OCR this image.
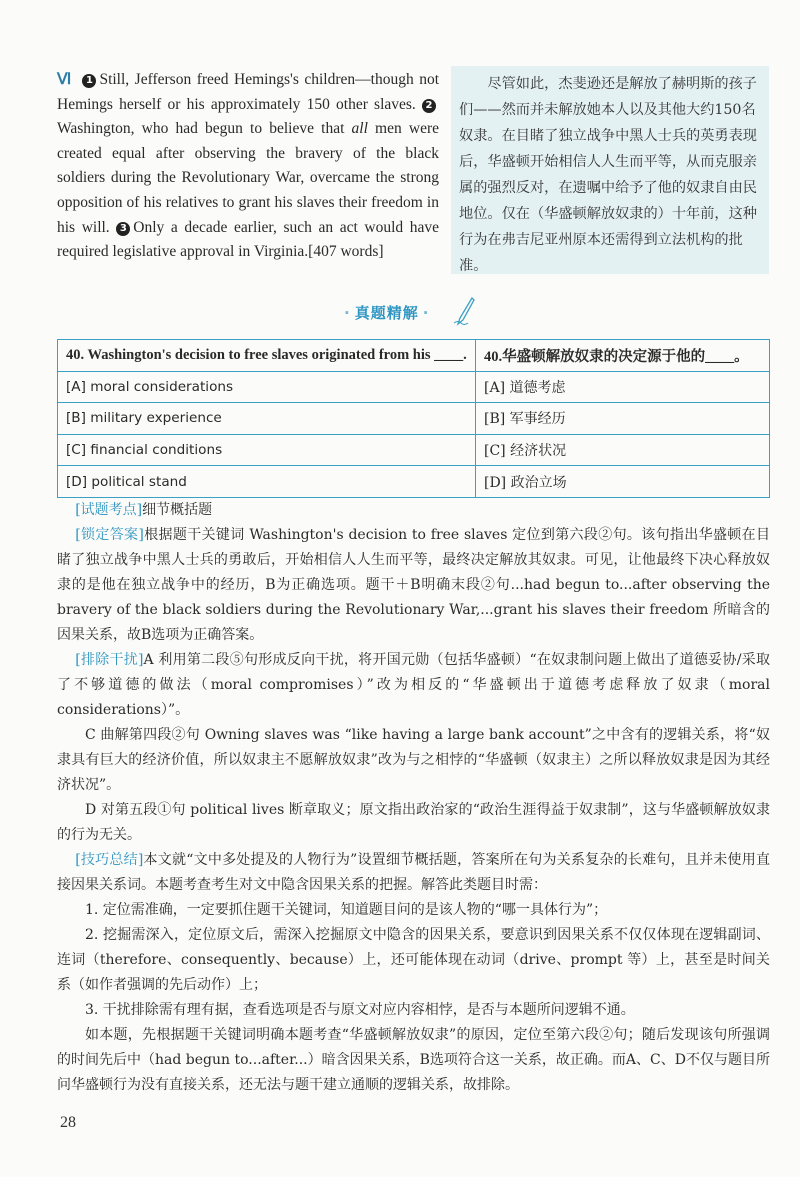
Ⅵ 1 Still, Jefferson freed Hemings's children—though not Hemings herself or his approximately 150 other slaves. 2Washington, who had begun to believe that all men were created equal after observing the bravery of the black soldiers during the Revolutionary War, overcame the strong opposition of his relatives to grant his slaves their freedom in his will. 3 Only a decade earlier, such an act would have required legislative approval in Virginia.[407 words]

尽管如此，杰斐逊还是解放了赫明斯的孩子们——然而并未解放她本人以及其他大约150名奴隶。在目睹了独立战争中黑人士兵的英勇表现后，华盛顿开始相信人人生而平等，从而克服亲属的强烈反对，在遗嘱中给予了他的奴隶自由民地位。仅在（华盛顿解放奴隶的）十年前，这种行为在弗吉尼亚州原本还需得到立法机构的批准。

· 真题精解 ·
40. Washington's decision to free slaves originated from his ____.	40.华盛顿解放奴隶的决定源于他的____。
[A] moral considerations	[A] 道德考虑
[B] military experience	[B] 军事经历
[C] financial conditions	[C] 经济状况
[D] political stand	[D] 政治立场

[试题考点]细节概括题

[锁定答案]根据题干关键词 Washington's decision to free slaves 定位到第六段②句。该句指出华盛顿在目睹了独立战争中黑人士兵的勇敢后，开始相信人人生而平等，最终决定解放其奴隶。可见，让他最终下决心释放奴隶的是他在独立战争中的经历，B为正确选项。题干＋B明确末段②句...had begun to...after observing the bravery of the black soldiers during the Revolutionary War,...grant his slaves their freedom 所暗含的因果关系，故B选项为正确答案。

[排除干扰]A 利用第二段⑤句形成反向干扰，将开国元勋（包括华盛顿）“在奴隶制问题上做出了道德妥协/采取了不够道德的做法（moral compromises）”改为相反的“华盛顿出于道德考虑释放了奴隶（moral considerations）”。

C 曲解第四段②句 Owning slaves was “like having a large bank account”之中含有的逻辑关系，将“奴隶具有巨大的经济价值，所以奴隶主不愿解放奴隶”改为与之相悖的“华盛顿（奴隶主）之所以释放奴隶是因为其经济状况”。

D 对第五段①句 political lives 断章取义；原文指出政治家的“政治生涯得益于奴隶制”，这与华盛顿解放奴隶的行为无关。

[技巧总结]本文就“文中多处提及的人物行为”设置细节概括题，答案所在句为关系复杂的长难句，且并未使用直接因果关系词。本题考查考生对文中隐含因果关系的把握。解答此类题目时需：

1. 定位需准确，一定要抓住题干关键词，知道题目问的是该人物的“哪一具体行为”；

2. 挖掘需深入，定位原文后，需深入挖掘原文中隐含的因果关系，要意识到因果关系不仅仅体现在逻辑副词、连词（therefore、consequently、because）上，还可能体现在动词（drive、prompt 等）上，甚至是时间关系（如作者强调的先后动作）上；

3. 干扰排除需有理有据，查看选项是否与原文对应内容相悖，是否与本题所问逻辑不通。

如本题，先根据题干关键词明确本题考查“华盛顿解放奴隶”的原因，定位至第六段②句；随后发现该句所强调的时间先后中（had begun to...after...）暗含因果关系，B选项符合这一关系，故正确。而A、C、D不仅与题目所问华盛顿行为没有直接关系，还无法与题干建立通顺的逻辑关系，故排除。

28
